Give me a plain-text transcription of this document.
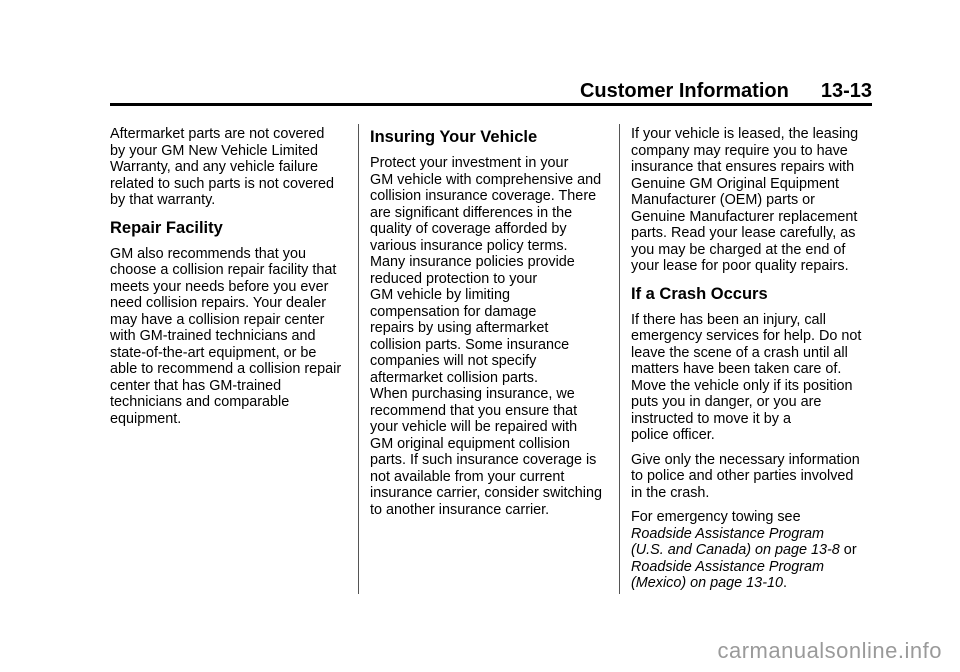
Customer Information 13-13

Aftermarket parts are not covered
by your GM New Vehicle Limited
Warranty, and any vehicle failure
related to such parts is not covered
by that warranty.

Repair Facility

GM also recommends that you
choose a collision repair facility that
meets your needs before you ever
need collision repairs. Your dealer
may have a collision repair center
with GM-trained technicians and
state-of-the-art equipment, or be
able to recommend a collision repair
center that has GM-trained
technicians and comparable
equipment.

Insuring Your Vehicle

Protect your investment in your
GM vehicle with comprehensive and
collision insurance coverage. There
are significant differences in the
quality of coverage afforded by
various insurance policy terms.
Many insurance policies provide
reduced protection to your
GM vehicle by limiting
compensation for damage
repairs by using aftermarket
collision parts. Some insurance
companies will not specify
aftermarket collision parts.

When purchasing insurance, we
recommend that you ensure that
your vehicle will be repaired with
GM original equipment collision
parts. If such insurance coverage is
not available from your current
insurance carrier, consider switching
to another insurance carrier.

If your vehicle is leased, the leasing
company may require you to have
insurance that ensures repairs with
Genuine GM Original Equipment
Manufacturer (OEM) parts or
Genuine Manufacturer replacement
parts. Read your lease carefully, as
you may be charged at the end of
your lease for poor quality repairs.

If a Crash Occurs

If there has been an injury, call
emergency services for help. Do not
leave the scene of a crash until all
matters have been taken care of.
Move the vehicle only if its position
puts you in danger, or you are
instructed to move it by a
police officer.

Give only the necessary information
to police and other parties involved
in the crash.

For emergency towing see
Roadside Assistance Program
(U.S. and Canada) on page 13-8 or
Roadside Assistance Program
(Mexico) on page 13-10.

carmanualsonline.info
